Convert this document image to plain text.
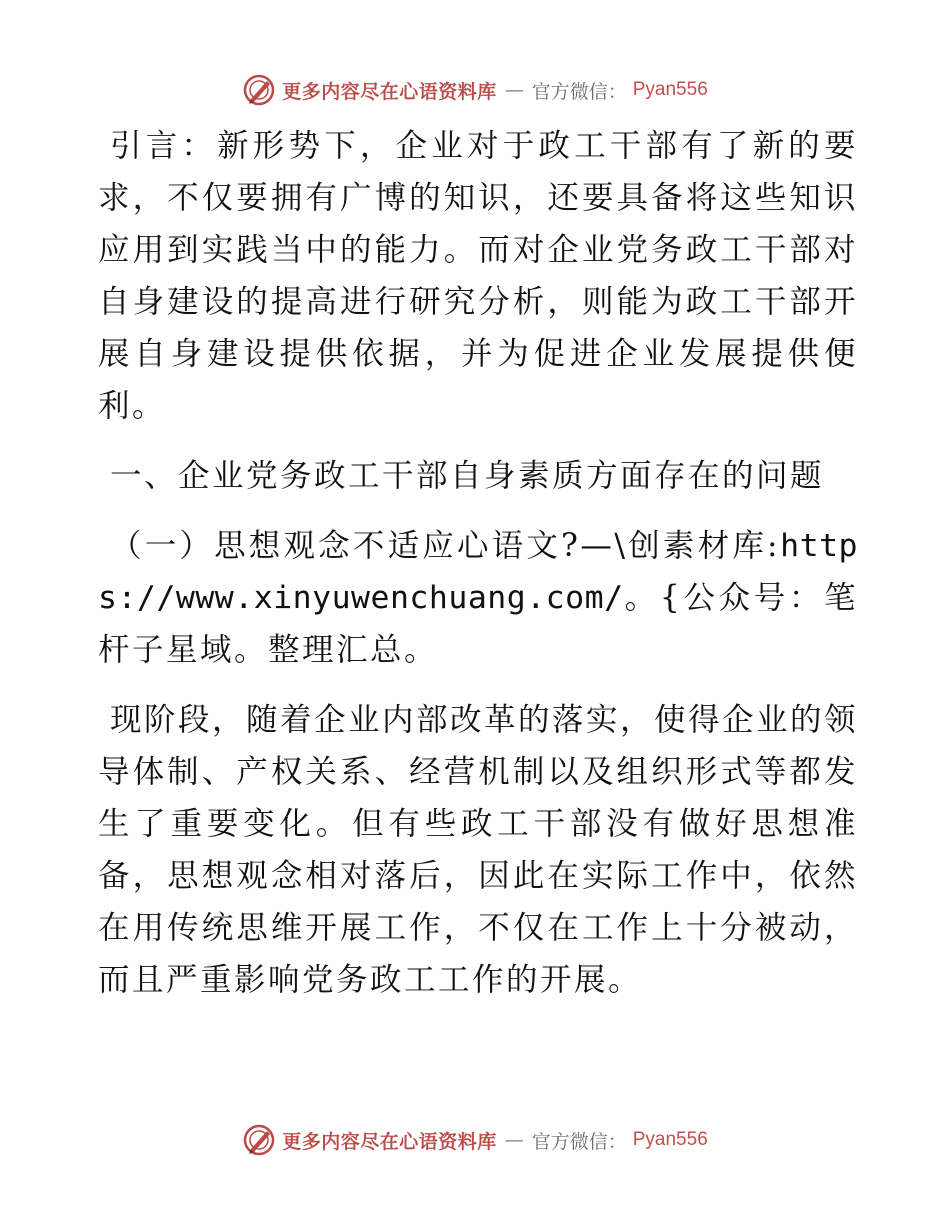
更多内容尽在心语资料库 — 官方微信： Pyan556

引言：新形势下，企业对于政工干部有了新的要求，不仅要拥有广博的知识，还要具备将这些知识应用到实践当中的能力。而对企业党务政工干部对自身建设的提高进行研究分析，则能为政工干部开展自身建设提供依据，并为促进企业发展提供便利。

一、企业党务政工干部自身素质方面存在的问题

（一）思想观念不适应心语文?—\创素材库:https://www.xinyuwenchuang.com/。{公众号：笔杆子星域。整理汇总。

现阶段，随着企业内部改革的落实，使得企业的领导体制、产权关系、经营机制以及组织形式等都发生了重要变化。但有些政工干部没有做好思想准备，思想观念相对落后，因此在实际工作中，依然在用传统思维开展工作，不仅在工作上十分被动，而且严重影响党务政工工作的开展。

更多内容尽在心语资料库 — 官方微信： Pyan556
